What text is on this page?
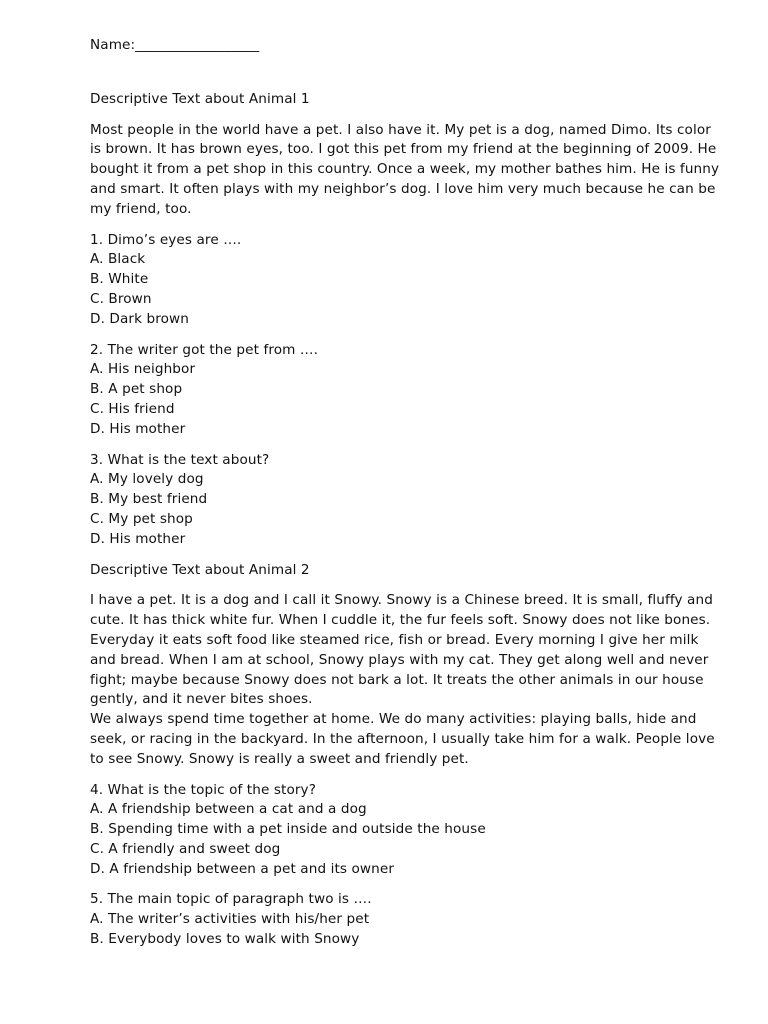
Name:__________________
Descriptive Text about Animal 1

Most people in the world have a pet. I also have it. My pet is a dog, named Dimo. Its color is brown. It has brown eyes, too. I got this pet from my friend at the beginning of 2009. He bought it from a pet shop in this country. Once a week, my mother bathes him. He is funny and smart. It often plays with my neighbor’s dog. I love him very much because he can be my friend, too.

1. Dimo’s eyes are ….
A. Black
B. White
C. Brown
D. Dark brown
2. The writer got the pet from ….
A. His neighbor
B. A pet shop
C. His friend
D. His mother
3. What is the text about?
A. My lovely dog
B. My best friend
C. My pet shop
D. His mother
Descriptive Text about Animal 2

I have a pet. It is a dog and I call it Snowy. Snowy is a Chinese breed. It is small, fluffy and cute. It has thick white fur. When I cuddle it, the fur feels soft. Snowy does not like bones. Everyday it eats soft food like steamed rice, fish or bread. Every morning I give her milk and bread. When I am at school, Snowy plays with my cat. They get along well and never fight; maybe because Snowy does not bark a lot. It treats the other animals in our house gently, and it never bites shoes.

We always spend time together at home. We do many activities: playing balls, hide and seek, or racing in the backyard. In the afternoon, I usually take him for a walk. People love to see Snowy. Snowy is really a sweet and friendly pet.

4. What is the topic of the story?
A. A friendship between a cat and a dog
B. Spending time with a pet inside and outside the house
C. A friendly and sweet dog
D. A friendship between a pet and its owner
5. The main topic of paragraph two is ….
A. The writer’s activities with his/her pet
B. Everybody loves to walk with Snowy
